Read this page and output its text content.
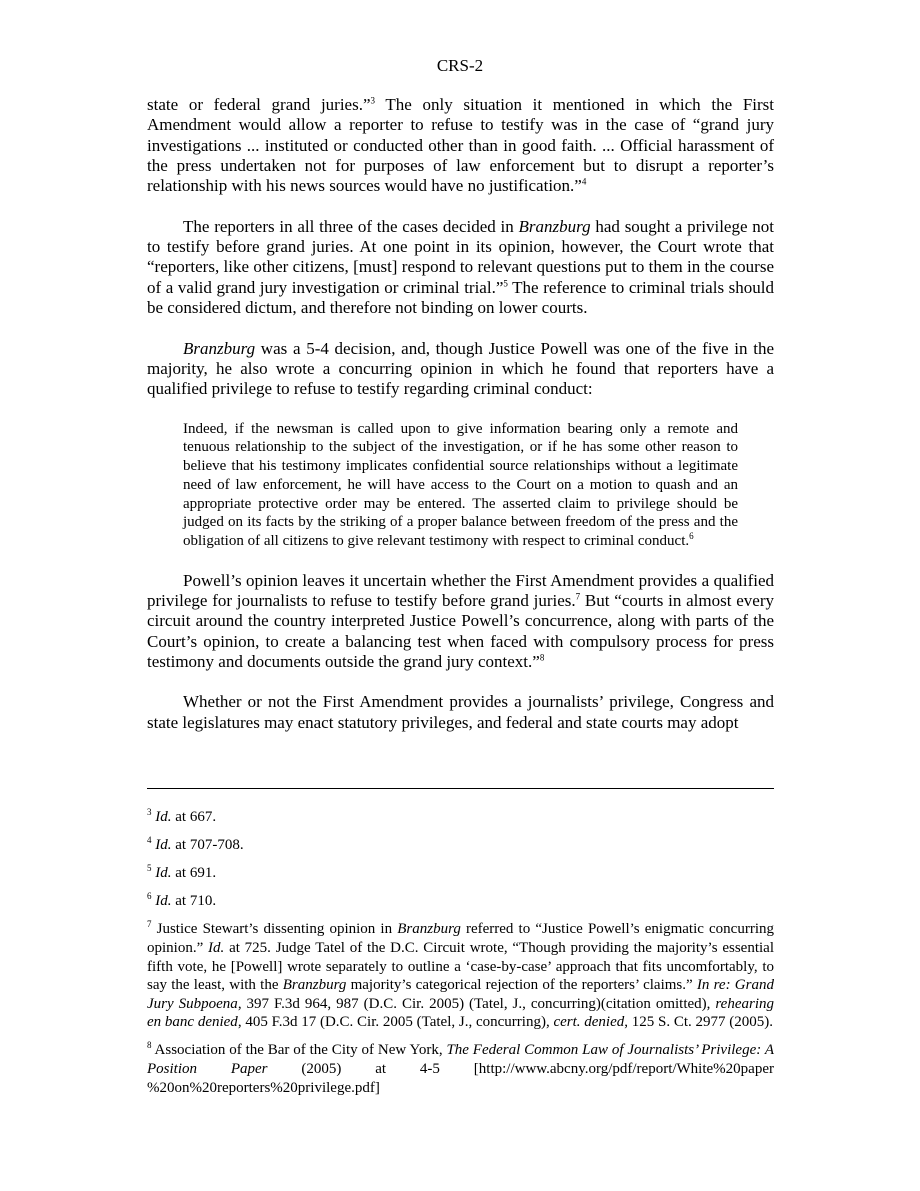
CRS-2

state or federal grand juries.”$^3$ The only situation it mentioned in which the First Amendment would allow a reporter to refuse to testify was in the case of “grand jury investigations ... instituted or conducted other than in good faith. ... Official harassment of the press undertaken not for purposes of law enforcement but to disrupt a reporter’s relationship with his news sources would have no justification.”$^4$

The reporters in all three of the cases decided in Branzburg had sought a privilege not to testify before grand juries. At one point in its opinion, however, the Court wrote that “reporters, like other citizens, [must] respond to relevant questions put to them in the course of a valid grand jury investigation or criminal trial.”$^5$ The reference to criminal trials should be considered dictum, and therefore not binding on lower courts.

Branzburg was a 5-4 decision, and, though Justice Powell was one of the five in the majority, he also wrote a concurring opinion in which he found that reporters have a qualified privilege to refuse to testify regarding criminal conduct:

Indeed, if the newsman is called upon to give information bearing only a remote and tenuous relationship to the subject of the investigation, or if he has some other reason to believe that his testimony implicates confidential source relationships without a legitimate need of law enforcement, he will have access to the Court on a motion to quash and an appropriate protective order may be entered. The asserted claim to privilege should be judged on its facts by the striking of a proper balance between freedom of the press and the obligation of all citizens to give relevant testimony with respect to criminal conduct.$^6$

Powell’s opinion leaves it uncertain whether the First Amendment provides a qualified privilege for journalists to refuse to testify before grand juries.$^7$ But “courts in almost every circuit around the country interpreted Justice Powell’s concurrence, along with parts of the Court’s opinion, to create a balancing test when faced with compulsory process for press testimony and documents outside the grand jury context.”$^8$

Whether or not the First Amendment provides a journalists’ privilege, Congress and state legislatures may enact statutory privileges, and federal and state courts may adopt

$^3$ Id. at 667.

$^4$ Id. at 707-708.

$^5$ Id. at 691.

$^6$ Id. at 710.

$^7$ Justice Stewart’s dissenting opinion in Branzburg referred to “Justice Powell’s enigmatic concurring opinion.” Id. at 725. Judge Tatel of the D.C. Circuit wrote, “Though providing the majority’s essential fifth vote, he [Powell] wrote separately to outline a ‘case-by-case’ approach that fits uncomfortably, to say the least, with the Branzburg majority’s categorical rejection of the reporters’ claims.” In re: Grand Jury Subpoena, 397 F.3d 964, 987 (D.C. Cir. 2005) (Tatel, J., concurring)(citation omitted), rehearing en banc denied, 405 F.3d 17 (D.C. Cir. 2005 (Tatel, J., concurring), cert. denied, 125 S. Ct. 2977 (2005).

$^8$ Association of the Bar of the City of New York, The Federal Common Law of Journalists’ Privilege: A Position Paper (2005) at 4-5 [http://www.abcny.org/pdf/report/White%20paper %20on%20reporters%20privilege.pdf]
